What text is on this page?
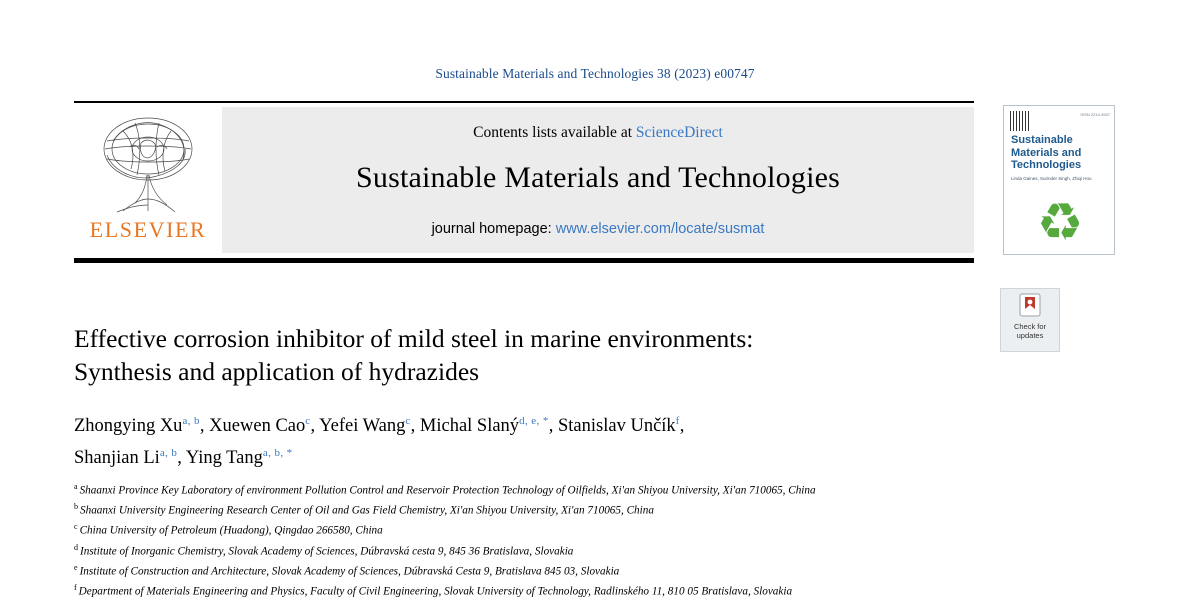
Sustainable Materials and Technologies 38 (2023) e00747
ELSEVIER
Contents lists available at ScienceDirect
Sustainable Materials and Technologies
journal homepage: www.elsevier.com/locate/susmat
ISSN 2214-9937
Sustainable Materials and Technologies
Linda Gaines, Surinder Singh, Zhiqi Hou
♻
Check for
updates
Effective corrosion inhibitor of mild steel in marine environments:
Synthesis and application of hydrazides
Zhongying Xu$^{a, b}$, Xuewen Cao$^c$, Yefei Wang$^c$, Michal Slaný$^{d, e, *}$, Stanislav Unčík$^f$,
Shanjian Li$^{a, b}$, Ying Tang$^{a, b, *}$
$^a$ Shaanxi Province Key Laboratory of environment Pollution Control and Reservoir Protection Technology of Oilfields, Xi'an Shiyou University, Xi'an 710065, China
$^b$ Shaanxi University Engineering Research Center of Oil and Gas Field Chemistry, Xi'an Shiyou University, Xi'an 710065, China
$^c$ China University of Petroleum (Huadong), Qingdao 266580, China
$^d$ Institute of Inorganic Chemistry, Slovak Academy of Sciences, Dúbravská cesta 9, 845 36 Bratislava, Slovakia
$^e$ Institute of Construction and Architecture, Slovak Academy of Sciences, Dúbravská Cesta 9, Bratislava 845 03, Slovakia
$^f$ Department of Materials Engineering and Physics, Faculty of Civil Engineering, Slovak University of Technology, Radlinského 11, 810 05 Bratislava, Slovakia
